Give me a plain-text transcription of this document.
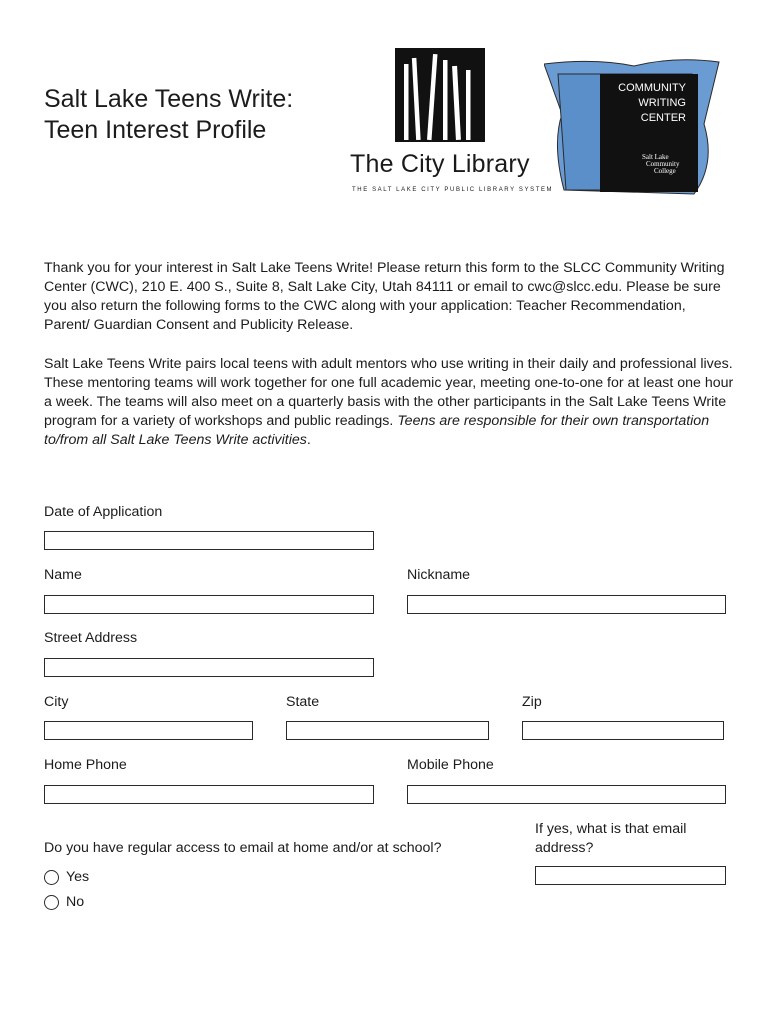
Salt Lake Teens Write:
Teen Interest Profile
The City Library
THE SALT LAKE CITY PUBLIC LIBRARY SYSTEM
COMMUNITY
WRITING
CENTER
Salt Lake
Community
College
Thank you for your interest in Salt Lake Teens Write! Please return this form to the SLCC Community Writing Center (CWC), 210 E. 400 S., Suite 8, Salt Lake City, Utah 84111 or email to cwc@slcc.edu. Please be sure you also return the following forms to the CWC along with your application: Teacher Recommendation, Parent/ Guardian Consent and Publicity Release.
Salt Lake Teens Write pairs local teens with adult mentors who use writing in their daily and professional lives. These mentoring teams will work together for one full academic year, meeting one-to-one for at least one hour a week. The teams will also meet on a quarterly basis with the other participants in the Salt Lake Teens Write program for a variety of workshops and public readings. Teens are responsible for their own transportation to/from all Salt Lake Teens Write activities.
Date of Application
Name	Nickname
Street Address
City	State	Zip
Home Phone	Mobile Phone
Do you have regular access to email at home and/or at school?
If yes, what is that email
address?
Yes
No
